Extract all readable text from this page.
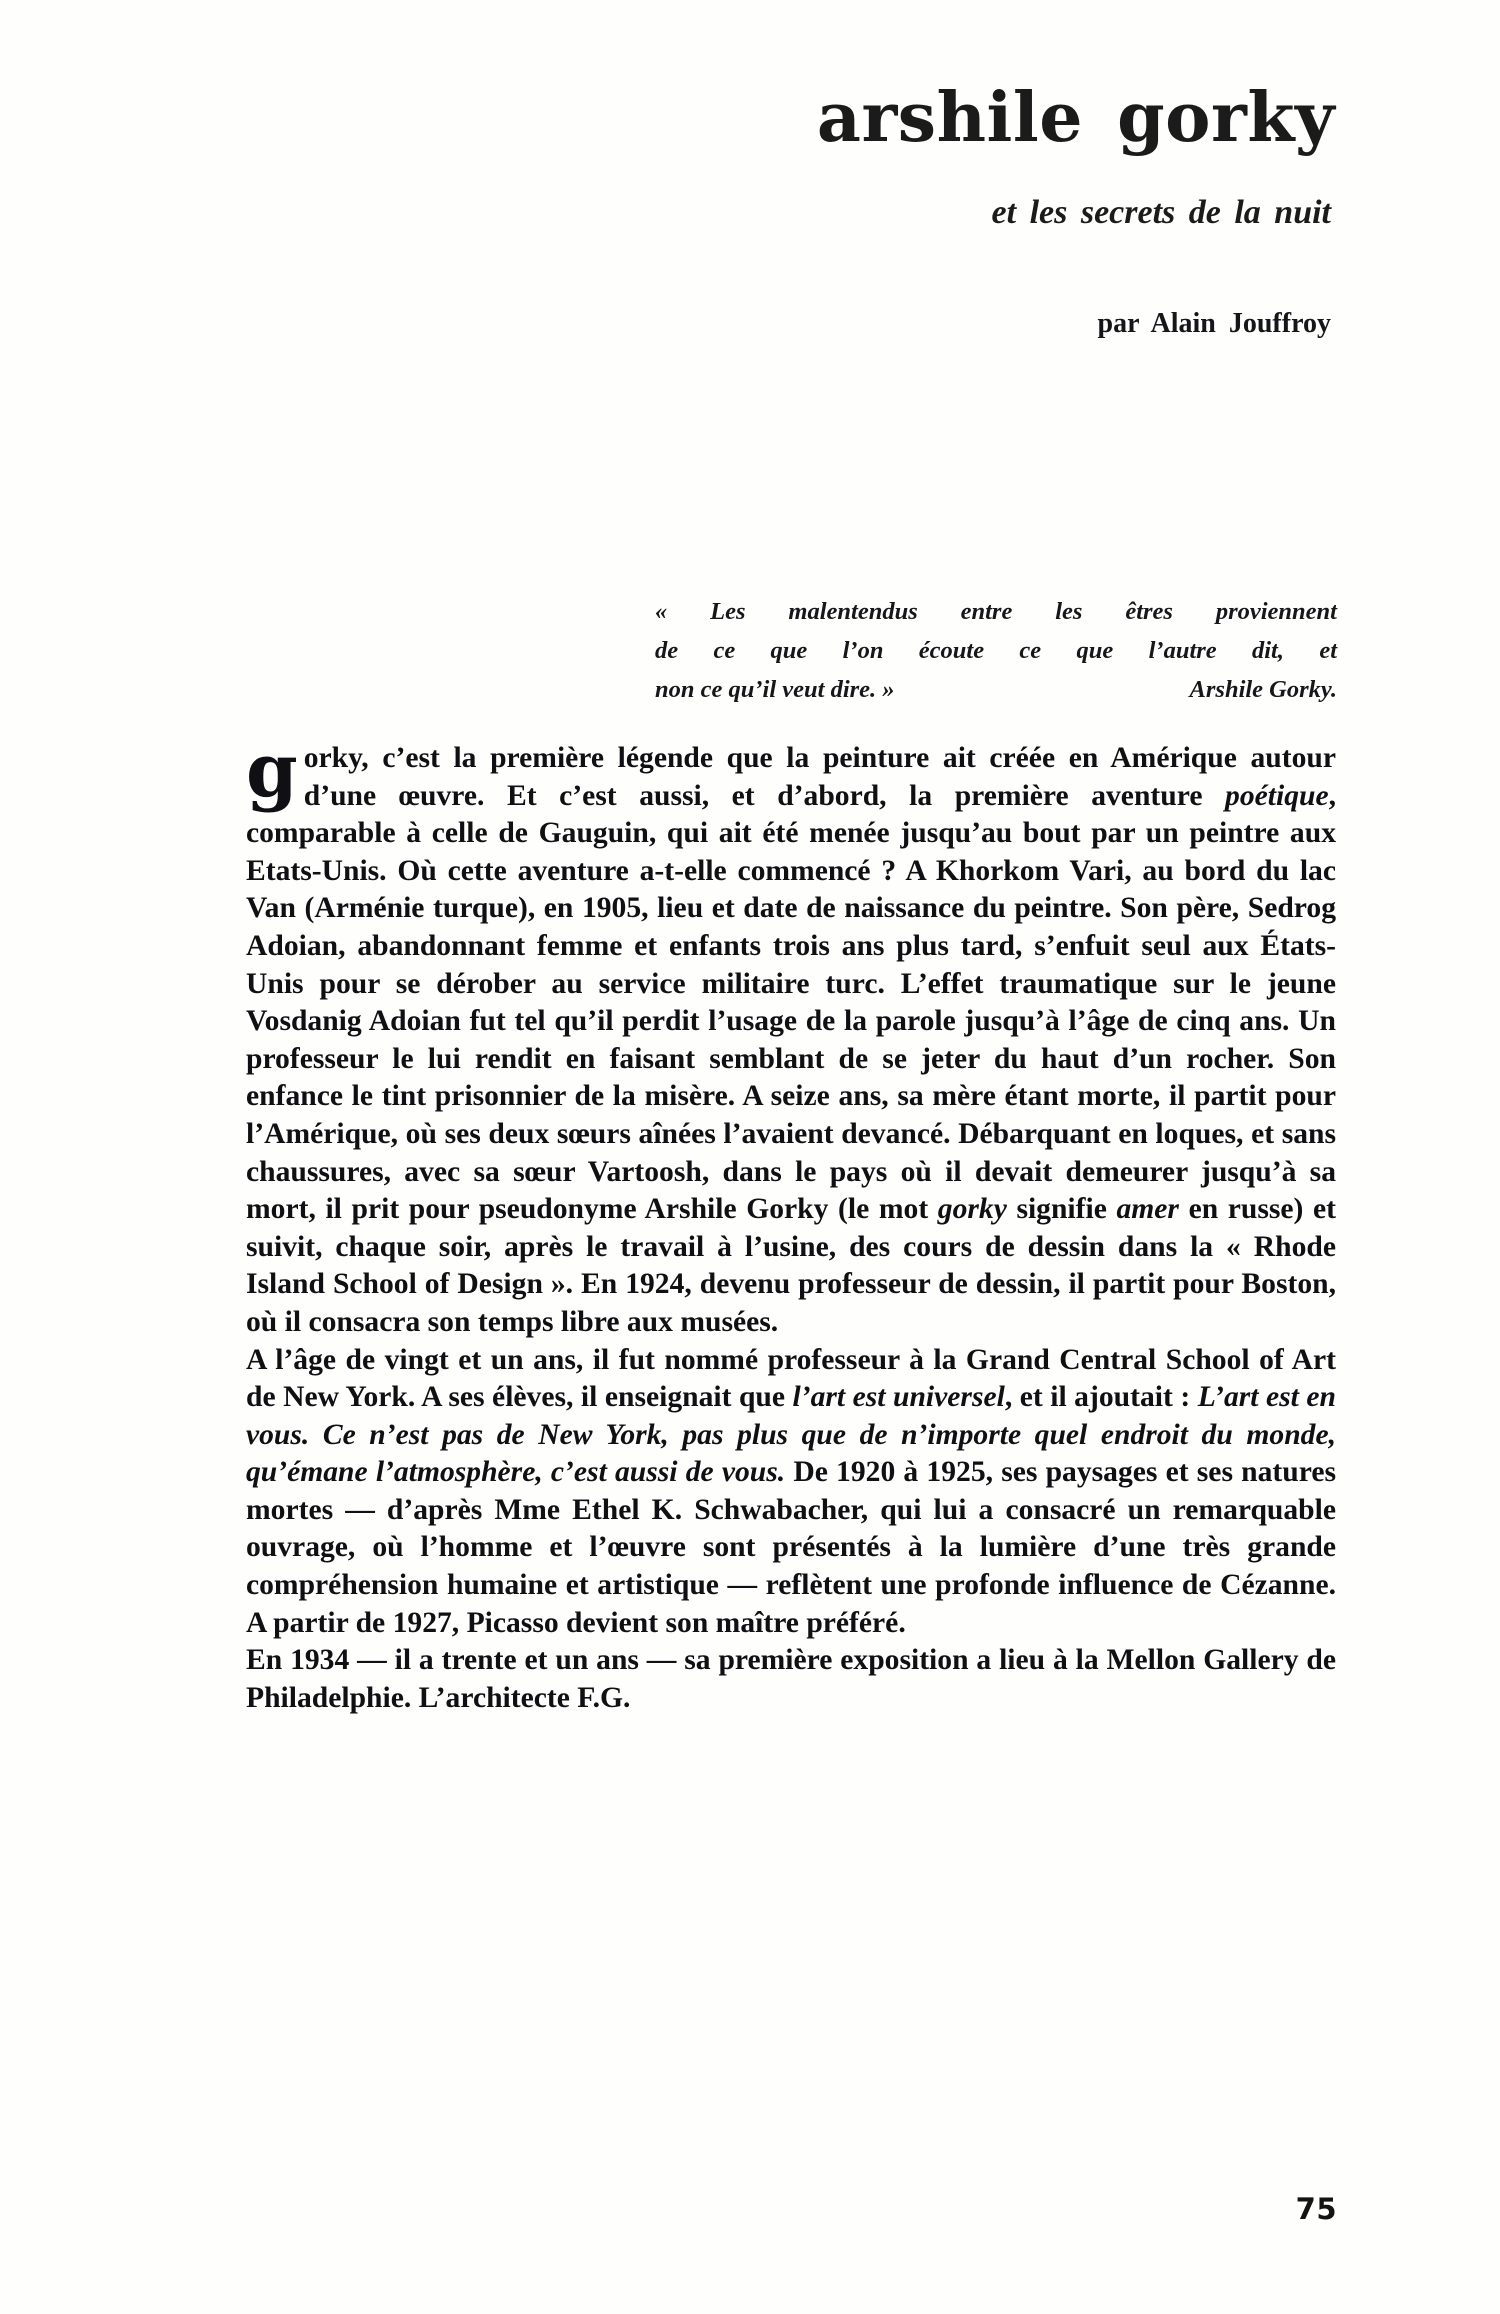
arshile gorky
et les secrets de la nuit
par Alain Jouffroy
« Les malentendus entre les êtres proviennent
de ce que l’on écoute ce que l’autre dit, et
non ce qu’il veut dire. »	Arshile Gorky.

gorky, c’est la première légende que la peinture ait créée en Amérique autour d’une œuvre. Et c’est aussi, et d’abord, la première aventure poétique, comparable à celle de Gauguin, qui ait été menée jusqu’au bout par un peintre aux Etats-Unis. Où cette aventure a-t-elle commencé ? A Khorkom Vari, au bord du lac Van (Arménie turque), en 1905, lieu et date de naissance du peintre. Son père, Sedrog Adoian, abandonnant femme et enfants trois ans plus tard, s’enfuit seul aux États-Unis pour se dérober au service militaire turc. L’effet traumatique sur le jeune Vosdanig Adoian fut tel qu’il perdit l’usage de la parole jusqu’à l’âge de cinq ans. Un professeur le lui rendit en faisant semblant de se jeter du haut d’un rocher. Son enfance le tint prisonnier de la misère. A seize ans, sa mère étant morte, il partit pour l’Amérique, où ses deux sœurs aînées l’avaient devancé. Débarquant en loques, et sans chaussures, avec sa sœur Vartoosh, dans le pays où il devait demeurer jusqu’à sa mort, il prit pour pseudonyme Arshile Gorky (le mot gorky signifie amer en russe) et suivit, chaque soir, après le travail à l’usine, des cours de dessin dans la « Rhode Island School of Design ». En 1924, devenu professeur de dessin, il partit pour Boston, où il consacra son temps libre aux musées.

A l’âge de vingt et un ans, il fut nommé professeur à la Grand Central School of Art de New York. A ses élèves, il enseignait que l’art est universel, et il ajoutait : L’art est en vous. Ce n’est pas de New York, pas plus que de n’importe quel endroit du monde, qu’émane l’atmosphère, c’est aussi de vous. De 1920 à 1925, ses paysages et ses natures mortes — d’après Mme Ethel K. Schwabacher, qui lui a consacré un remarquable ouvrage, où l’homme et l’œuvre sont présentés à la lumière d’une très grande compréhension humaine et artistique — reflètent une profonde influence de Cézanne. A partir de 1927, Picasso devient son maître préféré.

En 1934 — il a trente et un ans — sa première exposition a lieu à la Mellon Gallery de Philadelphie. L’architecte F.G.

75
